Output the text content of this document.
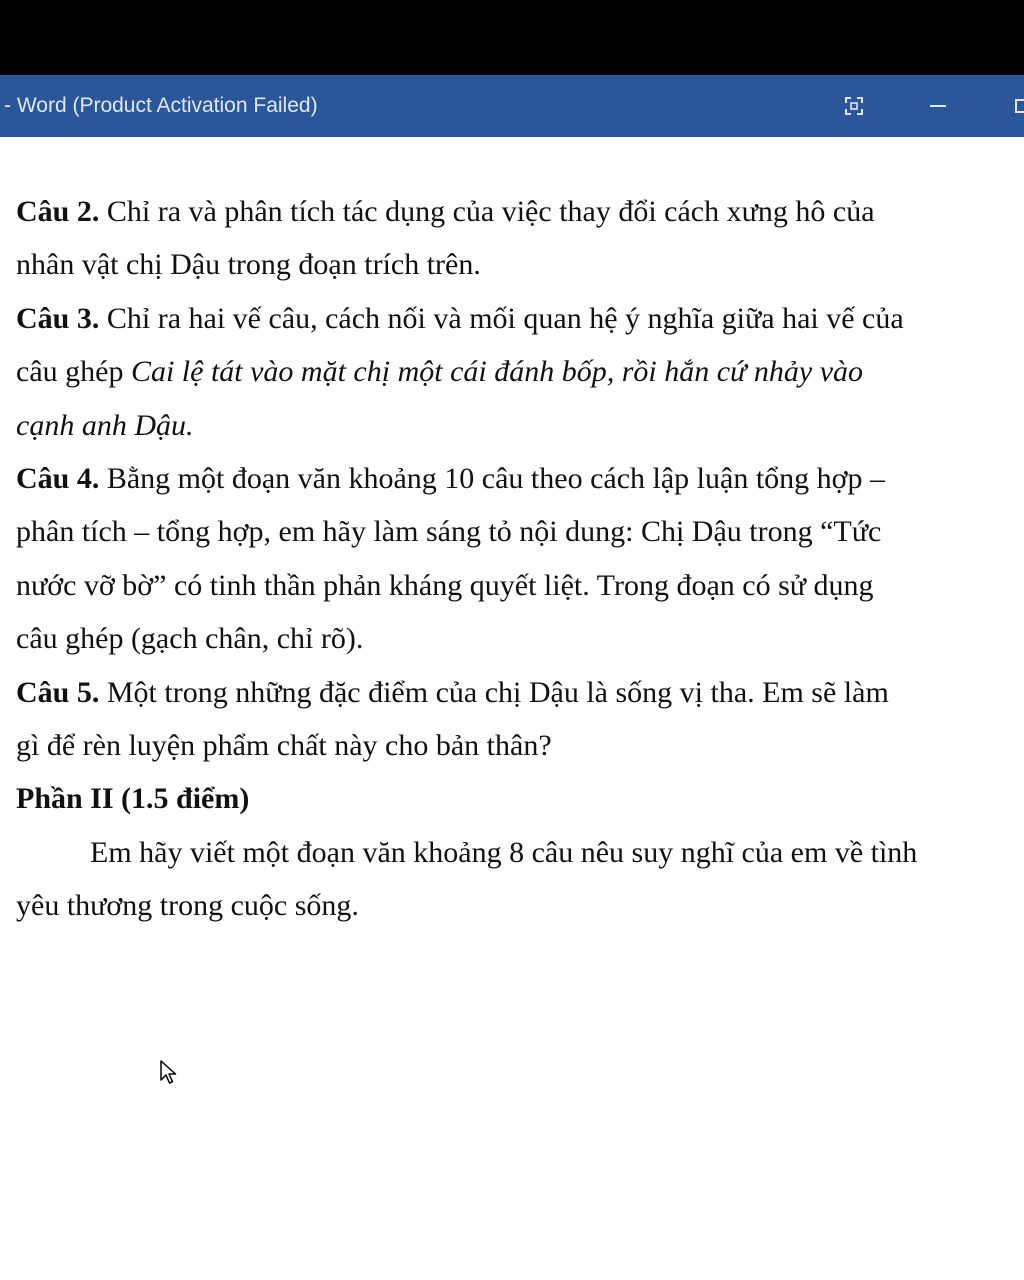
- Word (Product Activation Failed)
Câu 2. Chỉ ra và phân tích tác dụng của việc thay đổi cách xưng hô của
nhân vật chị Dậu trong đoạn trích trên.
Câu 3. Chỉ ra hai vế câu, cách nối và mối quan hệ ý nghĩa giữa hai vế của
câu ghép Cai lệ tát vào mặt chị một cái đánh bốp, rồi hắn cứ nhảy vào
cạnh anh Dậu.
Câu 4. Bằng một đoạn văn khoảng 10 câu theo cách lập luận tổng hợp –
phân tích – tổng hợp, em hãy làm sáng tỏ nội dung: Chị Dậu trong “Tức
nước vỡ bờ” có tinh thần phản kháng quyết liệt. Trong đoạn có sử dụng
câu ghép (gạch chân, chỉ rõ).
Câu 5. Một trong những đặc điểm của chị Dậu là sống vị tha. Em sẽ làm
gì để rèn luyện phẩm chất này cho bản thân?
Phần II (1.5 điểm)
Em hãy viết một đoạn văn khoảng 8 câu nêu suy nghĩ của em về tình
yêu thương trong cuộc sống.
